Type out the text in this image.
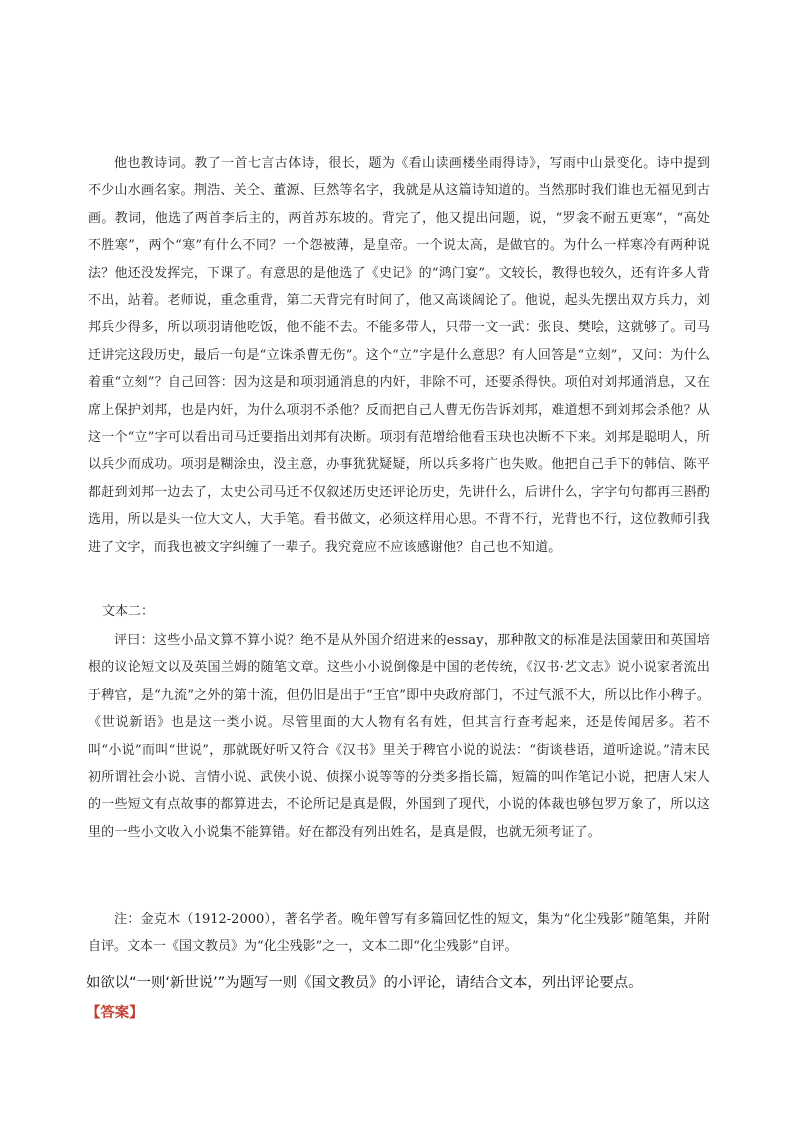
他也教诗词。教了一首七言古体诗，很长，题为《看山读画楼坐雨得诗》，写雨中山景变化。诗中提到不少山水画名家。荆浩、关仝、董源、巨然等名字，我就是从这篇诗知道的。当然那时我们谁也无福见到古画。教词，他选了两首李后主的，两首苏东坡的。背完了，他又提出问题，说，“罗衾不耐五更寒”，“高处不胜寒”，两个“寒”有什么不同？一个怨被薄，是皇帝。一个说太高，是做官的。为什么一样寒冷有两种说法？他还没发挥完，下课了。有意思的是他选了《史记》的“鸿门宴”。文较长，教得也较久，还有许多人背不出，站着。老师说，重念重背，第二天背完有时间了，他又高谈阔论了。他说，起头先摆出双方兵力，刘邦兵少得多，所以项羽请他吃饭，他不能不去。不能多带人，只带一文一武：张良、樊哙，这就够了。司马迁讲完这段历史，最后一句是“立诛杀曹无伤”。这个“立”字是什么意思？有人回答是“立刻”，又问：为什么着重“立刻”？自己回答：因为这是和项羽通消息的内奸，非除不可，还要杀得快。项伯对刘邦通消息，又在席上保护刘邦，也是内奸，为什么项羽不杀他？反而把自己人曹无伤告诉刘邦，难道想不到刘邦会杀他？从这一个“立”字可以看出司马迁要指出刘邦有决断。项羽有范增给他看玉玦也决断不下来。刘邦是聪明人，所以兵少而成功。项羽是糊涂虫，没主意，办事犹犹疑疑，所以兵多将广也失败。他把自己手下的韩信、陈平都赶到刘邦一边去了，太史公司马迁不仅叙述历史还评论历史，先讲什么，后讲什么，字字句句都再三斟酌选用，所以是头一位大文人，大手笔。看书做文，必须这样用心思。不背不行，光背也不行，这位教师引我进了文字，而我也被文字纠缠了一辈子。我究竟应不应该感谢他？自己也不知道。

文本二：

评曰：这些小品文算不算小说？绝不是从外国介绍进来的essay，那种散文的标准是法国蒙田和英国培根的议论短文以及英国兰姆的随笔文章。这些小小说倒像是中国的老传统，《汉书·艺文志》说小说家者流出于稗官，是“九流”之外的第十流，但仍旧是出于“王官”即中央政府部门，不过气派不大，所以比作小稗子。《世说新语》也是这一类小说。尽管里面的大人物有名有姓，但其言行查考起来，还是传闻居多。若不叫“小说”而叫“世说”，那就既好听又符合《汉书》里关于稗官小说的说法：“街谈巷语，道听途说。”清末民初所谓社会小说、言情小说、武侠小说、侦探小说等等的分类多指长篇，短篇的叫作笔记小说，把唐人宋人的一些短文有点故事的都算进去，不论所记是真是假，外国到了现代，小说的体裁也够包罗万象了，所以这里的一些小文收入小说集不能算错。好在都没有列出姓名，是真是假，也就无须考证了。

注：金克木（1912-2000），著名学者。晚年曾写有多篇回忆性的短文，集为“化尘残影”随笔集，并附自评。文本一《国文教员》为“化尘残影”之一，文本二即“化尘残影”自评。

如欲以“一则‘新世说’”为题写一则《国文教员》的小评论，请结合文本，列出评论要点。

【答案】
